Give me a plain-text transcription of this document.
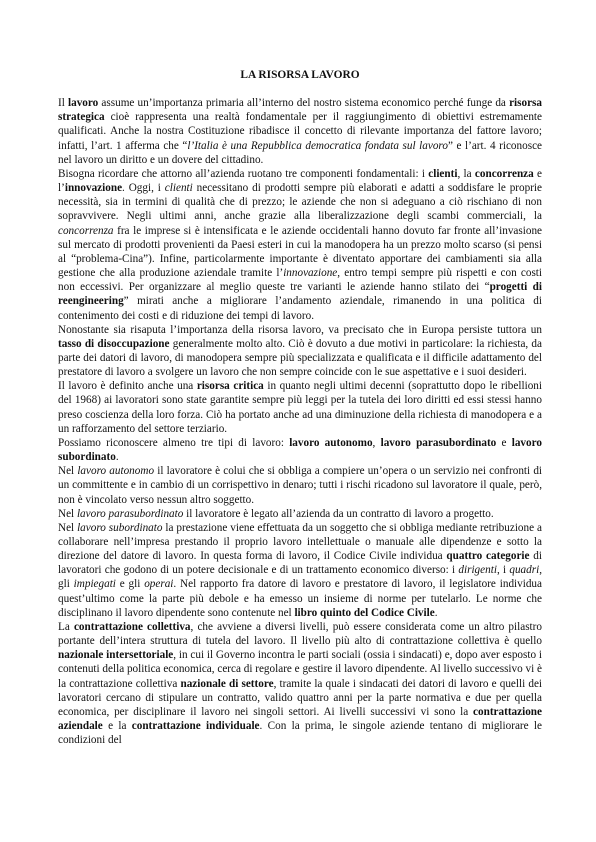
LA RISORSA LAVORO

Il lavoro assume un’importanza primaria all’interno del nostro sistema economico perché funge da risorsa strategica cioè rappresenta una realtà fondamentale per il raggiungimento di obiettivi estremamente qualificati. Anche la nostra Costituzione ribadisce il concetto di rilevante importanza del fattore lavoro; infatti, l’art. 1 afferma che “l’Italia è una Repubblica democratica fondata sul lavoro” e l’art. 4 riconosce nel lavoro un diritto e un dovere del cittadino.

Bisogna ricordare che attorno all’azienda ruotano tre componenti fondamentali: i clienti, la concorrenza e l’innovazione. Oggi, i clienti necessitano di prodotti sempre più elaborati e adatti a soddisfare le proprie necessità, sia in termini di qualità che di prezzo; le aziende che non si adeguano a ciò rischiano di non sopravvivere. Negli ultimi anni, anche grazie alla liberalizzazione degli scambi commerciali, la concorrenza fra le imprese si è intensificata e le aziende occidentali hanno dovuto far fronte all’invasione sul mercato di prodotti provenienti da Paesi esteri in cui la manodopera ha un prezzo molto scarso (si pensi al “problema-Cina”). Infine, particolarmente importante è diventato apportare dei cambiamenti sia alla gestione che alla produzione aziendale tramite l’innovazione, entro tempi sempre più rispetti e con costi non eccessivi. Per organizzare al meglio queste tre varianti le aziende hanno stilato dei “progetti di reengineering” mirati anche a migliorare l’andamento aziendale, rimanendo in una politica di contenimento dei costi e di riduzione dei tempi di lavoro.

Nonostante sia risaputa l’importanza della risorsa lavoro, va precisato che in Europa persiste tuttora un tasso di disoccupazione generalmente molto alto. Ciò è dovuto a due motivi in particolare: la richiesta, da parte dei datori di lavoro, di manodopera sempre più specializzata e qualificata e il difficile adattamento del prestatore di lavoro a svolgere un lavoro che non sempre coincide con le sue aspettative e i suoi desideri.

Il lavoro è definito anche una risorsa critica in quanto negli ultimi decenni (soprattutto dopo le ribellioni del 1968) ai lavoratori sono state garantite sempre più leggi per la tutela dei loro diritti ed essi stessi hanno preso coscienza della loro forza. Ciò ha portato anche ad una diminuzione della richiesta di manodopera e a un rafforzamento del settore terziario.

Possiamo riconoscere almeno tre tipi di lavoro: lavoro autonomo, lavoro parasubordinato e lavoro subordinato.

Nel lavoro autonomo il lavoratore è colui che si obbliga a compiere un’opera o un servizio nei confronti di un committente e in cambio di un corrispettivo in denaro; tutti i rischi ricadono sul lavoratore il quale, però, non è vincolato verso nessun altro soggetto.

Nel lavoro parasubordinato il lavoratore è legato all’azienda da un contratto di lavoro a progetto.

Nel lavoro subordinato la prestazione viene effettuata da un soggetto che si obbliga mediante retribuzione a collaborare nell’impresa prestando il proprio lavoro intellettuale o manuale alle dipendenze e sotto la direzione del datore di lavoro. In questa forma di lavoro, il Codice Civile individua quattro categorie di lavoratori che godono di un potere decisionale e di un trattamento economico diverso: i dirigenti, i quadri, gli impiegati e gli operai. Nel rapporto fra datore di lavoro e prestatore di lavoro, il legislatore individua quest’ultimo come la parte più debole e ha emesso un insieme di norme per tutelarlo. Le norme che disciplinano il lavoro dipendente sono contenute nel libro quinto del Codice Civile.

La contrattazione collettiva, che avviene a diversi livelli, può essere considerata come un altro pilastro portante dell’intera struttura di tutela del lavoro. Il livello più alto di contrattazione collettiva è quello nazionale intersettoriale, in cui il Governo incontra le parti sociali (ossia i sindacati) e, dopo aver esposto i contenuti della politica economica, cerca di regolare e gestire il lavoro dipendente. Al livello successivo vi è la contrattazione collettiva nazionale di settore, tramite la quale i sindacati dei datori di lavoro e quelli dei lavoratori cercano di stipulare un contratto, valido quattro anni per la parte normativa e due per quella economica, per disciplinare il lavoro nei singoli settori. Ai livelli successivi vi sono la contrattazione aziendale e la contrattazione individuale. Con la prima, le singole aziende tentano di migliorare le condizioni del
